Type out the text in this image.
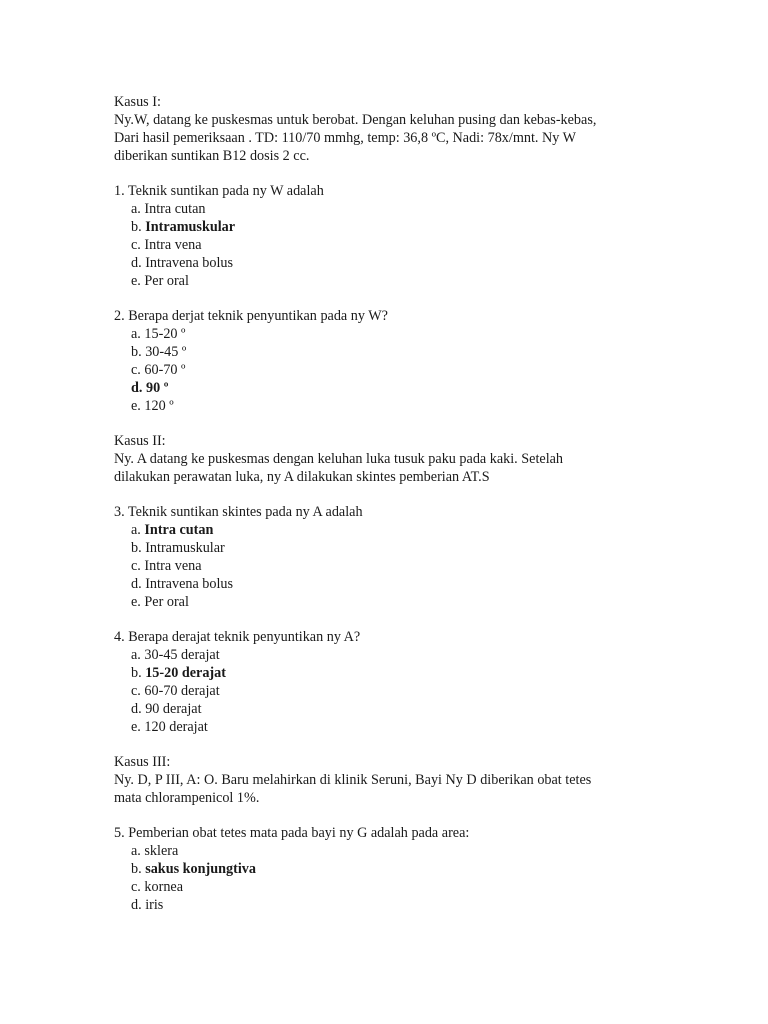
Kasus I:
Ny.W, datang ke puskesmas untuk berobat. Dengan keluhan pusing dan kebas-kebas,
Dari hasil pemeriksaan . TD: 110/70 mmhg, temp: 36,8 ºC, Nadi: 78x/mnt. Ny W
diberikan suntikan B12 dosis 2 cc.
1. Teknik suntikan pada ny W adalah
a. Intra cutan
b. Intramuskular
c. Intra vena
d. Intravena bolus
e. Per oral
2. Berapa derjat teknik penyuntikan pada ny W?
a. 15-20 º
b. 30-45 º
c. 60-70 º
d. 90 º
e. 120 º
Kasus II:
Ny. A datang ke puskesmas dengan keluhan luka tusuk paku pada kaki. Setelah
dilakukan perawatan luka, ny A dilakukan skintes pemberian AT.S
3. Teknik suntikan skintes pada ny A adalah
a. Intra cutan
b. Intramuskular
c. Intra vena
d. Intravena bolus
e. Per oral
4. Berapa derajat teknik penyuntikan ny A?
a. 30-45 derajat
b. 15-20 derajat
c. 60-70 derajat
d. 90 derajat
e. 120 derajat
Kasus III:
Ny. D, P III, A: O. Baru melahirkan di klinik Seruni, Bayi Ny D diberikan obat tetes
mata chlorampenicol 1%.
5. Pemberian obat tetes mata pada bayi ny G adalah pada area:
a. sklera
b. sakus konjungtiva
c. kornea
d. iris
